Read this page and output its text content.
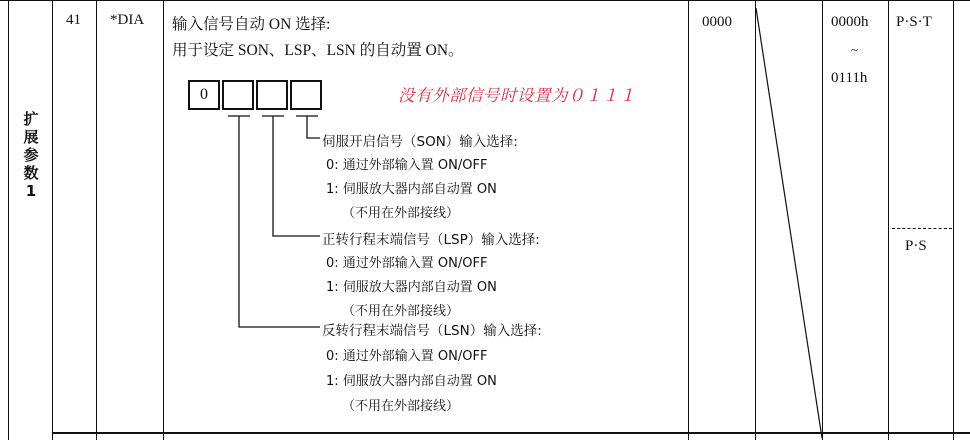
扩
展
参
数
1
41 *DIA 输入信号自动 ON 选择:
用于设定 SON、LSP、LSN 的自动置 ON。
0	没有外部信号时设置为０１１１
伺服开启信号（SON）输入选择:
0: 通过外部输入置 ON/OFF
1: 伺服放大器内部自动置 ON
（不用在外部接线）
正转行程末端信号（LSP）输入选择:
0: 通过外部输入置 ON/OFF
1: 伺服放大器内部自动置 ON
（不用在外部接线）
反转行程末端信号（LSN）输入选择:
0: 通过外部输入置 ON/OFF
1: 伺服放大器内部自动置 ON
（不用在外部接线）
0000	0000h
~
0111h
P·S·T
P·S
